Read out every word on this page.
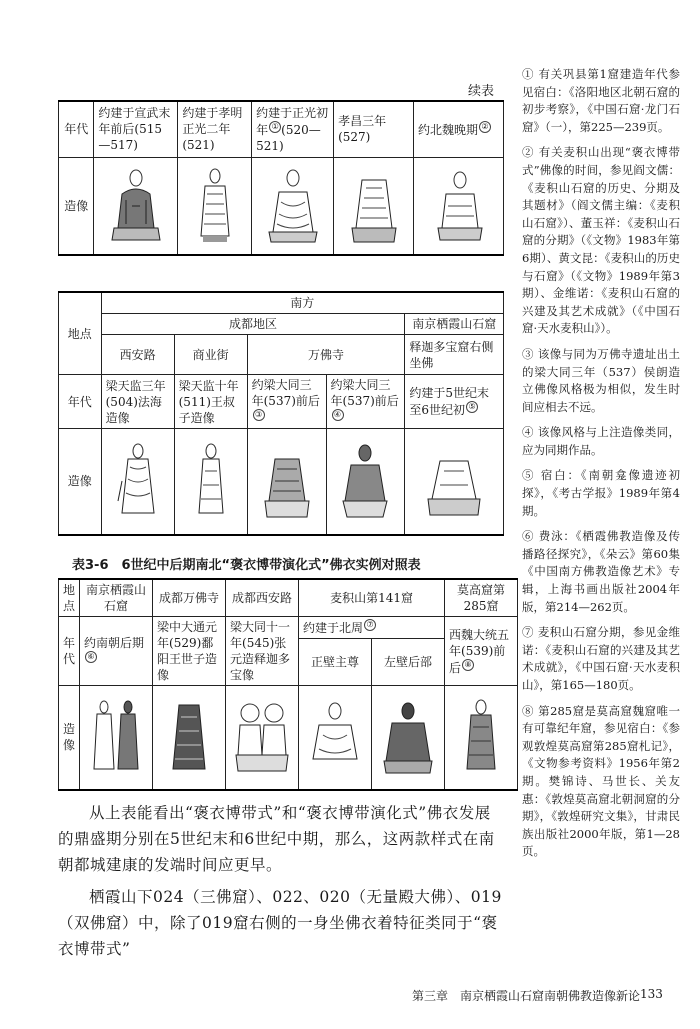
续表
年代	约建于宣武末年前后(515—517)	约建于孝明正光二年(521)	约建于正光初年 ① (520—521)	孝昌三年(527)	约北魏晚期 ②
造像	

地点	南方				
	成都地区				南京栖霞山石窟
	西安路	商业街	万佛寺		释迦多宝窟右侧坐佛
年代	梁天监三年(504)法海造像	梁天监十年(511)王叔子造像	约梁大同三年(537)前后③	约梁大同三年(537)前后④	约建于5世纪末至6世纪初 ⑤
造像	

表3-6　6世纪中后期南北“褒衣博带演化式”佛衣实例对照表
地点	南京栖霞山石窟	成都万佛寺	成都西安路	麦积山第141窟		莫高窟第285窟
年代	约南朝后期⑥	梁中大通元年(529)鄱阳王世子造像	梁大同十一年(545)张元造释迦多宝像	约建于北周 ⑦		西魏大统五年(539)前后 ⑧
				正壁主尊	左壁后部	
造像	

从上表能看出“褒衣博带式”和“褒衣博带演化式”佛衣发展的鼎盛期分别在5世纪末和6世纪中期，那么，这两款样式在南朝都城建康的发端时间应更早。
栖霞山下024（三佛窟）、022、020（无量殿大佛）、019（双佛窟）中，除了019窟右侧的一身坐佛衣着特征类同于“褒衣博带式”
① 有关巩县第1窟建造年代参见宿白：《洛阳地区北朝石窟的初步考察》，《中国石窟·龙门石窟》（一），第225—239页。
② 有关麦积山出现“褒衣博带式”佛像的时间，参见阎文儒：《麦积山石窟的历史、分期及其题材》（阎文儒主编：《麦积山石窟》）、董玉祥：《麦积山石窟的分期》（《文物》1983年第6期）、黄文昆：《麦积山的历史与石窟》（《文物》1989年第3期）、金维诺：《麦积山石窟的兴建及其艺术成就》（《中国石窟·天水麦积山》）。
③ 该像与同为万佛寺遗址出土的梁大同三年（537）侯朗造立佛像风格极为相似，发生时间应相去不远。
④ 该像风格与上注造像类同，应为同期作品。
⑤ 宿白：《南朝龛像遗迹初探》，《考古学报》1989年第4期。
⑥ 费泳：《栖霞佛教造像及传播路径探究》，《朵云》第60集《中国南方佛教造像艺术》专辑，上海书画出版社2004年版，第214—262页。
⑦ 麦积山石窟分期，参见金维诺：《麦积山石窟的兴建及其艺术成就》，《中国石窟·天水麦积山》，第165—180页。
⑧ 第285窟是莫高窟魏窟唯一有可靠纪年窟，参见宿白：《参观敦煌莫高窟第285窟札记》，《文物参考资料》1956年第2期。樊锦诗、马世长、关友惠：《敦煌莫高窟北朝洞窟的分期》，《敦煌研究文集》，甘肃民族出版社2000年版，第1—28页。
第三章　南京栖霞山石窟南朝佛教造像新论 133
